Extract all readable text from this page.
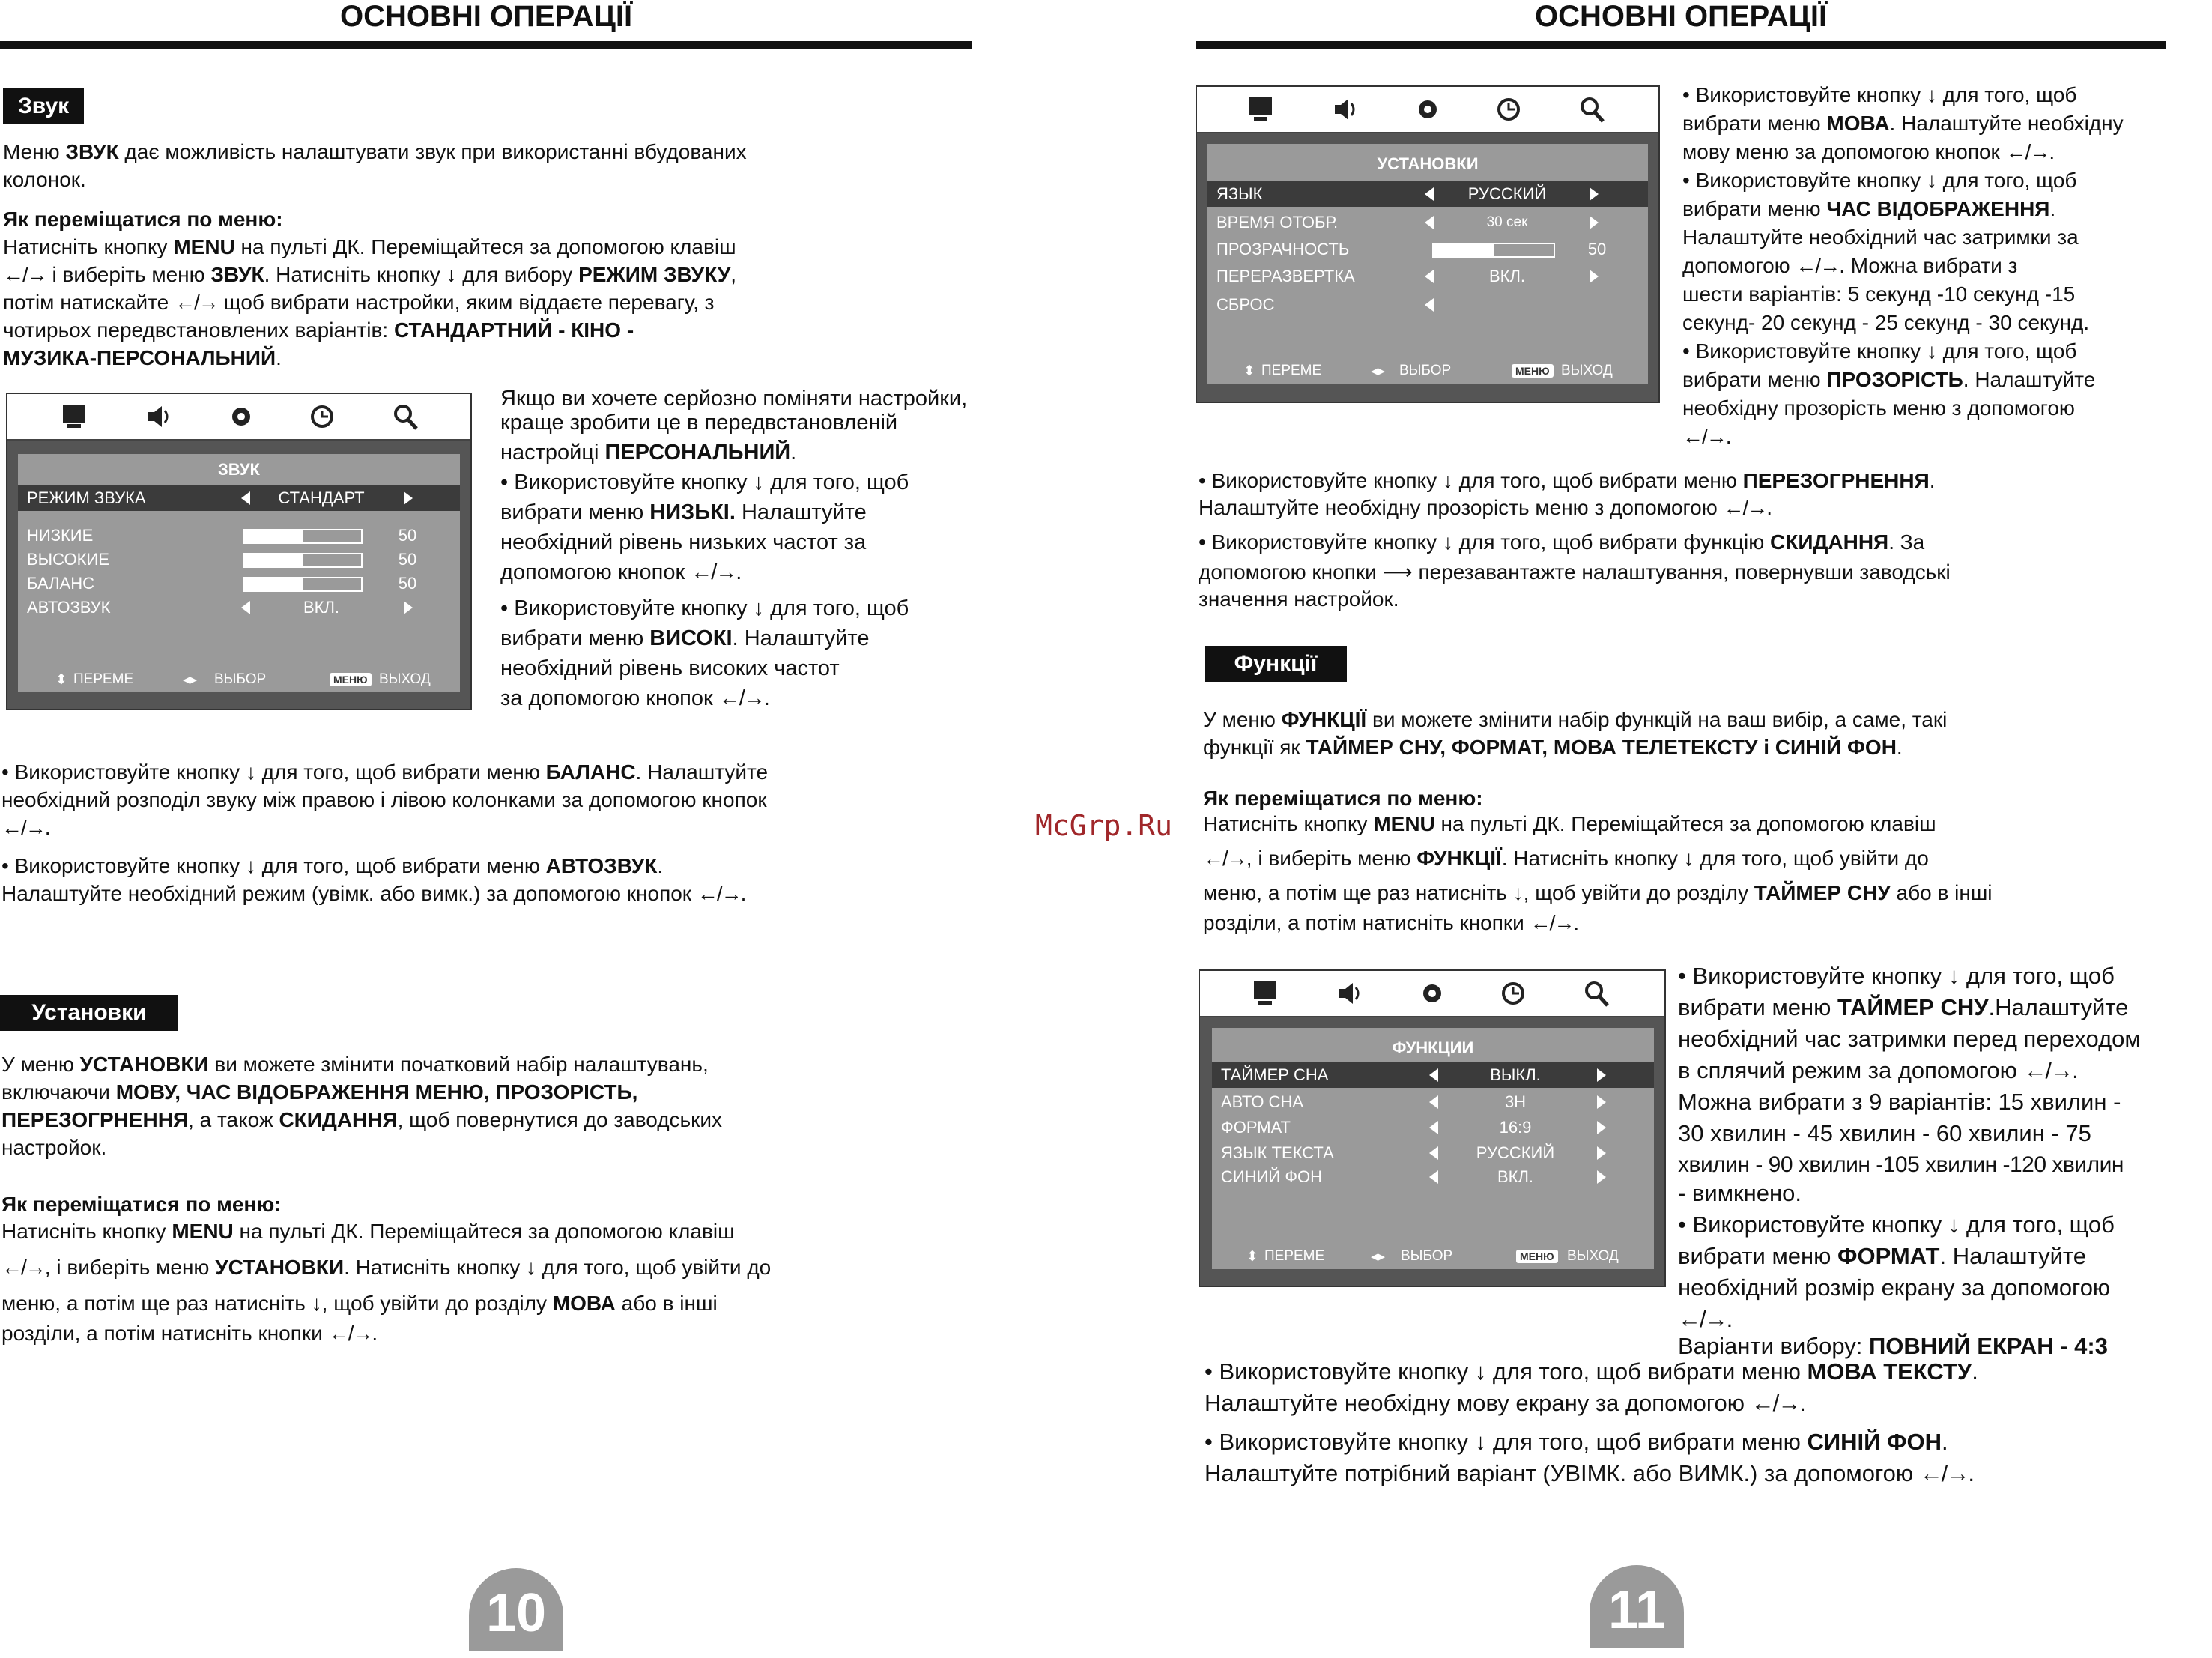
ОСНОВНІ ОПЕРАЦІЇ
Звук
Меню ЗВУК дає можливість налаштувати звук при використанні вбудованих
колонок.
Як переміщатися по меню:
Натисніть кнопку MENU на пульті ДК. Переміщайтеся за допомогою клавіш
←/→ і виберіть меню ЗВУК. Натисніть кнопку ↓ для вибору РЕЖИМ ЗВУКУ,
потім натискайте ←/→ щоб вибрати настройки, яким віддаєте перевагу, з
чотирьох передвстановлених варіантів: СТАНДАРТНИЙ - КІНО -
МУЗИКА-ПЕРСОНАЛЬНИЙ.
ЗВУК
РЕЖИМ ЗВУКА	СТАНДАРТ
НИЗКИЕ	50
ВЫСОКИЕ	50
БАЛАНС	50
АВТОЗВУК	ВКЛ.
⬍ ПЕРЕМЕ	◂▸ ВЫБОР	МЕНЮ ВЫХОД
Якщо ви хочете серйозно поміняти настройки,
краще зробити це в передвстановленій
настройці ПЕРСОНАЛЬНИЙ.
• Використовуйте кнопку ↓ для того, щоб
вибрати меню НИЗЬКІ. Налаштуйте
необхідний рівень низьких частот за
допомогою кнопок ←/→.
• Використовуйте кнопку ↓ для того, щоб
вибрати меню ВИСОКІ. Налаштуйте
необхідний рівень високих частот
за допомогою кнопок ←/→.
• Використовуйте кнопку ↓ для того, щоб вибрати меню БАЛАНС. Налаштуйте
необхідний розподіл звуку між правою і лівою колонками за допомогою кнопок
←/→.
• Використовуйте кнопку ↓ для того, щоб вибрати меню АВТОЗВУК.
Налаштуйте необхідний режим (увімк. або вимк.) за допомогою кнопок ←/→.
Установки
У меню УСТАНОВКИ ви можете змінити початковий набір налаштувань,
включаючи МОВУ, ЧАС ВІДОБРАЖЕННЯ МЕНЮ, ПРОЗОРІСТЬ,
ПЕРЕЗОГРНЕННЯ, а також СКИДАННЯ, щоб повернутися до заводських
настройок.
Як переміщатися по меню:
Натисніть кнопку MENU на пульті ДК. Переміщайтеся за допомогою клавіш
←/→, і виберіть меню УСТАНОВКИ. Натисніть кнопку ↓ для того, щоб увійти до
меню, а потім ще раз натисніть ↓, щоб увійти до розділу МОВА або в інші
розділи, а потім натисніть кнопки ←/→.
10
ОСНОВНІ ОПЕРАЦІЇ
McGrp.Ru
УСТАНОВКИ
ЯЗЫК	РУССКИЙ
ВРЕМЯ ОТОБР.	30 сек
ПРОЗРАЧНОСТЬ	50
ПЕРЕРАЗВЕРТКА	ВКЛ.
СБРОС
⬍ ПЕРЕМЕ	◂▸ ВЫБОР	МЕНЮ ВЫХОД
• Використовуйте кнопку ↓ для того, щоб
вибрати меню МОВА. Налаштуйте необхідну
мову меню за допомогою кнопок ←/→.
• Використовуйте кнопку ↓ для того, щоб
вибрати меню ЧАС ВІДОБРАЖЕННЯ.
Налаштуйте необхідний час затримки за
допомогою ←/→. Можна вибрати з
шести варіантів: 5 секунд -10 секунд -15
секунд- 20 секунд - 25 секунд - 30 секунд.
• Використовуйте кнопку ↓ для того, щоб
вибрати меню ПРОЗОРІСТЬ. Налаштуйте
необхідну прозорість меню з допомогою
←/→.
• Використовуйте кнопку ↓ для того, щоб вибрати меню ПЕРЕЗОГРНЕННЯ.
Налаштуйте необхідну прозорість меню з допомогою ←/→.
• Використовуйте кнопку ↓ для того, щоб вибрати функцію СКИДАННЯ. За
допомогою кнопки ⟶ перезавантажте налаштування, повернувши заводські
значення настройок.
Функції
У меню ФУНКЦІЇ ви можете змінити набір функцій на ваш вибір, а саме, такі
функції як ТАЙМЕР СНУ, ФОРМАТ, МОВА ТЕЛЕТЕКСТУ і СИНІЙ ФОН.
Як переміщатися по меню:
Натисніть кнопку MENU на пульті ДК. Переміщайтеся за допомогою клавіш
←/→, і виберіть меню ФУНКЦІЇ. Натисніть кнопку ↓ для того, щоб увійти до
меню, а потім ще раз натисніть ↓, щоб увійти до розділу ТАЙМЕР СНУ або в інші
розділи, а потім натисніть кнопки ←/→.
ФУНКЦИИ
ТАЙМЕР СНА	ВЫКЛ.
АВТО СНА	3Н
ФОРМАТ	16:9
ЯЗЫК ТЕКСТА	РУССКИЙ
СИНИЙ ФОН	ВКЛ.
⬍ ПЕРЕМЕ	◂▸ ВЫБОР	МЕНЮ ВЫХОД
• Використовуйте кнопку ↓ для того, щоб
вибрати меню ТАЙМЕР СНУ.Налаштуйте
необхідний час затримки перед переходом
в сплячий режим за допомогою ←/→.
Можна вибрати з 9 варіантів: 15 хвилин -
30 хвилин - 45 хвилин - 60 хвилин - 75
хвилин - 90 хвилин -105 хвилин -120 хвилин
- вимкнено.
• Використовуйте кнопку ↓ для того, щоб
вибрати меню ФОРМАТ. Налаштуйте
необхідний розмір екрану за допомогою
←/→.
Варіанти вибору: ПОВНИЙ ЕКРАН - 4:3
• Використовуйте кнопку ↓ для того, щоб вибрати меню МОВА ТЕКСТУ.
Налаштуйте необхідну мову екрану за допомогою ←/→.
• Використовуйте кнопку ↓ для того, щоб вибрати меню СИНІЙ ФОН.
Налаштуйте потрібний варіант (УВІМК. або ВИМК.) за допомогою ←/→.
11
